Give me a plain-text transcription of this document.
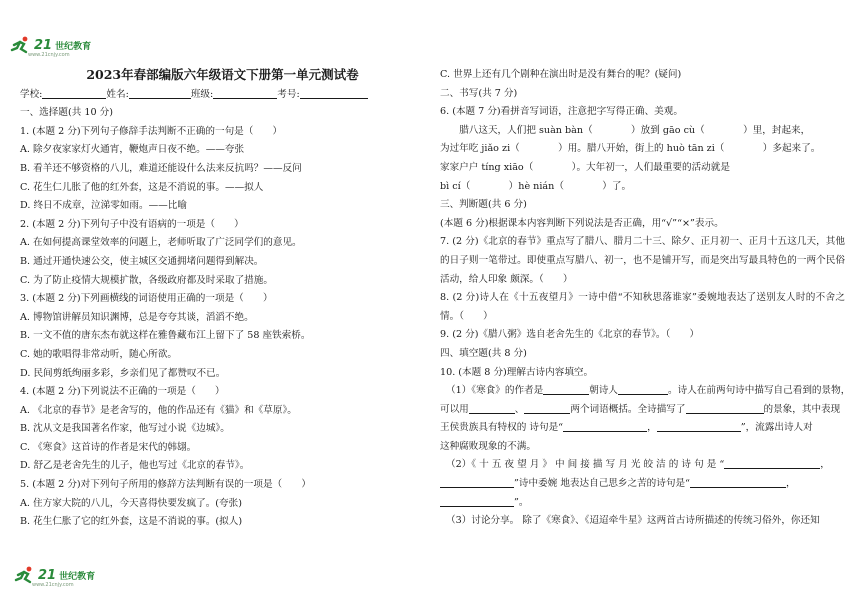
21 世纪教育
www.21cnjy.com
21 世纪教育
www.21cnjy.com
2023年春部编版六年级语文下册第一单元测试卷
学校:	姓名:	班级:	考号:
一、选择题(共 10 分)
1. (本题 2 分)下列句子修辞手法判断不正确的一句是（　　）
A. 除夕夜家家灯火通宵，鞭炮声日夜不绝。——夸张
B. 看羊还不够资格的八儿，难道还能设什么法来反抗吗？——反问
C. 花生仁儿胀了他的红外套，这是不消说的事。——拟人
D. 终日不成章，泣涕零如雨。——比喻
2. (本题 2 分)下列句子中没有语病的一项是（　　）
A. 在如何提高课堂效率的问题上，老师听取了广泛同学们的意见。
B. 通过开通快速公交，使主城区交通拥堵问题得到解决。
C. 为了防止疫情大规模扩散，各级政府都及时采取了措施。
3. (本题 2 分)下列画横线的词语使用正确的一项是（　　）
A. 博物馆讲解员知识渊博，总是夸夸其谈，滔滔不绝。
B. 一文不值的唐东杰布就这样在雅鲁藏布江上留下了 58 座铁索桥。
C. 她的歌唱得非常动听，随心所欲。
D. 民间剪纸绚丽多彩，乡亲们见了都赞叹不已。
4. (本题 2 分)下列说法不正确的一项是（　　）
A. 《北京的春节》是老舍写的，他的作品还有《猫》和《草原》。
B. 沈从文是我国著名作家，他写过小说《边城》。
C. 《寒食》这首诗的作者是宋代的韩翃。
D. 舒乙是老舍先生的儿子，他也写过《北京的春节》。
5. (本题 2 分)对下列句子所用的修辞方法判断有误的一项是（　　）
A. 住方家大院的八儿，今天喜得快要发疯了。(夸张)
B. 花生仁胀了它的红外套，这是不消说的事。(拟人)
C. 世界上还有几个剧种在演出时是没有舞台的呢？(疑问)
二、书写(共 7 分)
6. (本题 7 分)看拼音写词语，注意把字写得正确、美观。
腊八这天，人们把 suàn bàn（　　　　）放到 gāo cù（　　　　）里，封起来，
为过年吃 jiǎo zi（　　　　）用。腊八开始，街上的 huò tān zi（　　　　）多起来了。
家家户户 tíng xiāo（　　　　）。大年初一，人们最重要的活动就是
bì cí（　　　　）hè nián（　　　　）了。
三、判断题(共 6 分)
(本题 6 分)根据课本内容判断下列说法是否正确，用“√”“×”表示。
7. (2 分)《北京的春节》重点写了腊八、腊月二十三、除夕、正月初一、正月十五这几天，其他的日子则一笔带过。即使重点写腊八、初一，也不是铺开写，而是突出写最具特色的一两个民俗活动，给人印象 颇深。（　　）
8. (2 分)诗人在《十五夜望月》一诗中借“不知秋思落谁家”委婉地表达了送别友人时的不舍之情。（　　）
9. (2 分)《腊八粥》选自老舍先生的《北京的春节》。（　　）
四、填空题(共 8 分)
10. (本题 8 分)理解古诗内容填空。
（1）《寒食》的作者是	朝诗人	。诗人在前两句诗中描写自己看到的景物，
可以用	、	两个词语概括。全诗描写了	的景象，其中表现
王侯贵族具有特权的 诗句是“	，	”，流露出诗人对
这种腐败现象的不满。
（2）《 十 五 夜 望 月 》 中 间 接 描 写 月 光 皎 洁 的 诗 句 是 “	，
”诗中委婉 地表达自己思乡之苦的诗句是“	，
”。
（3）讨论分享。 除了《寒食》、《迢迢牵牛星》这两首古诗所描述的传统习俗外，你还知
